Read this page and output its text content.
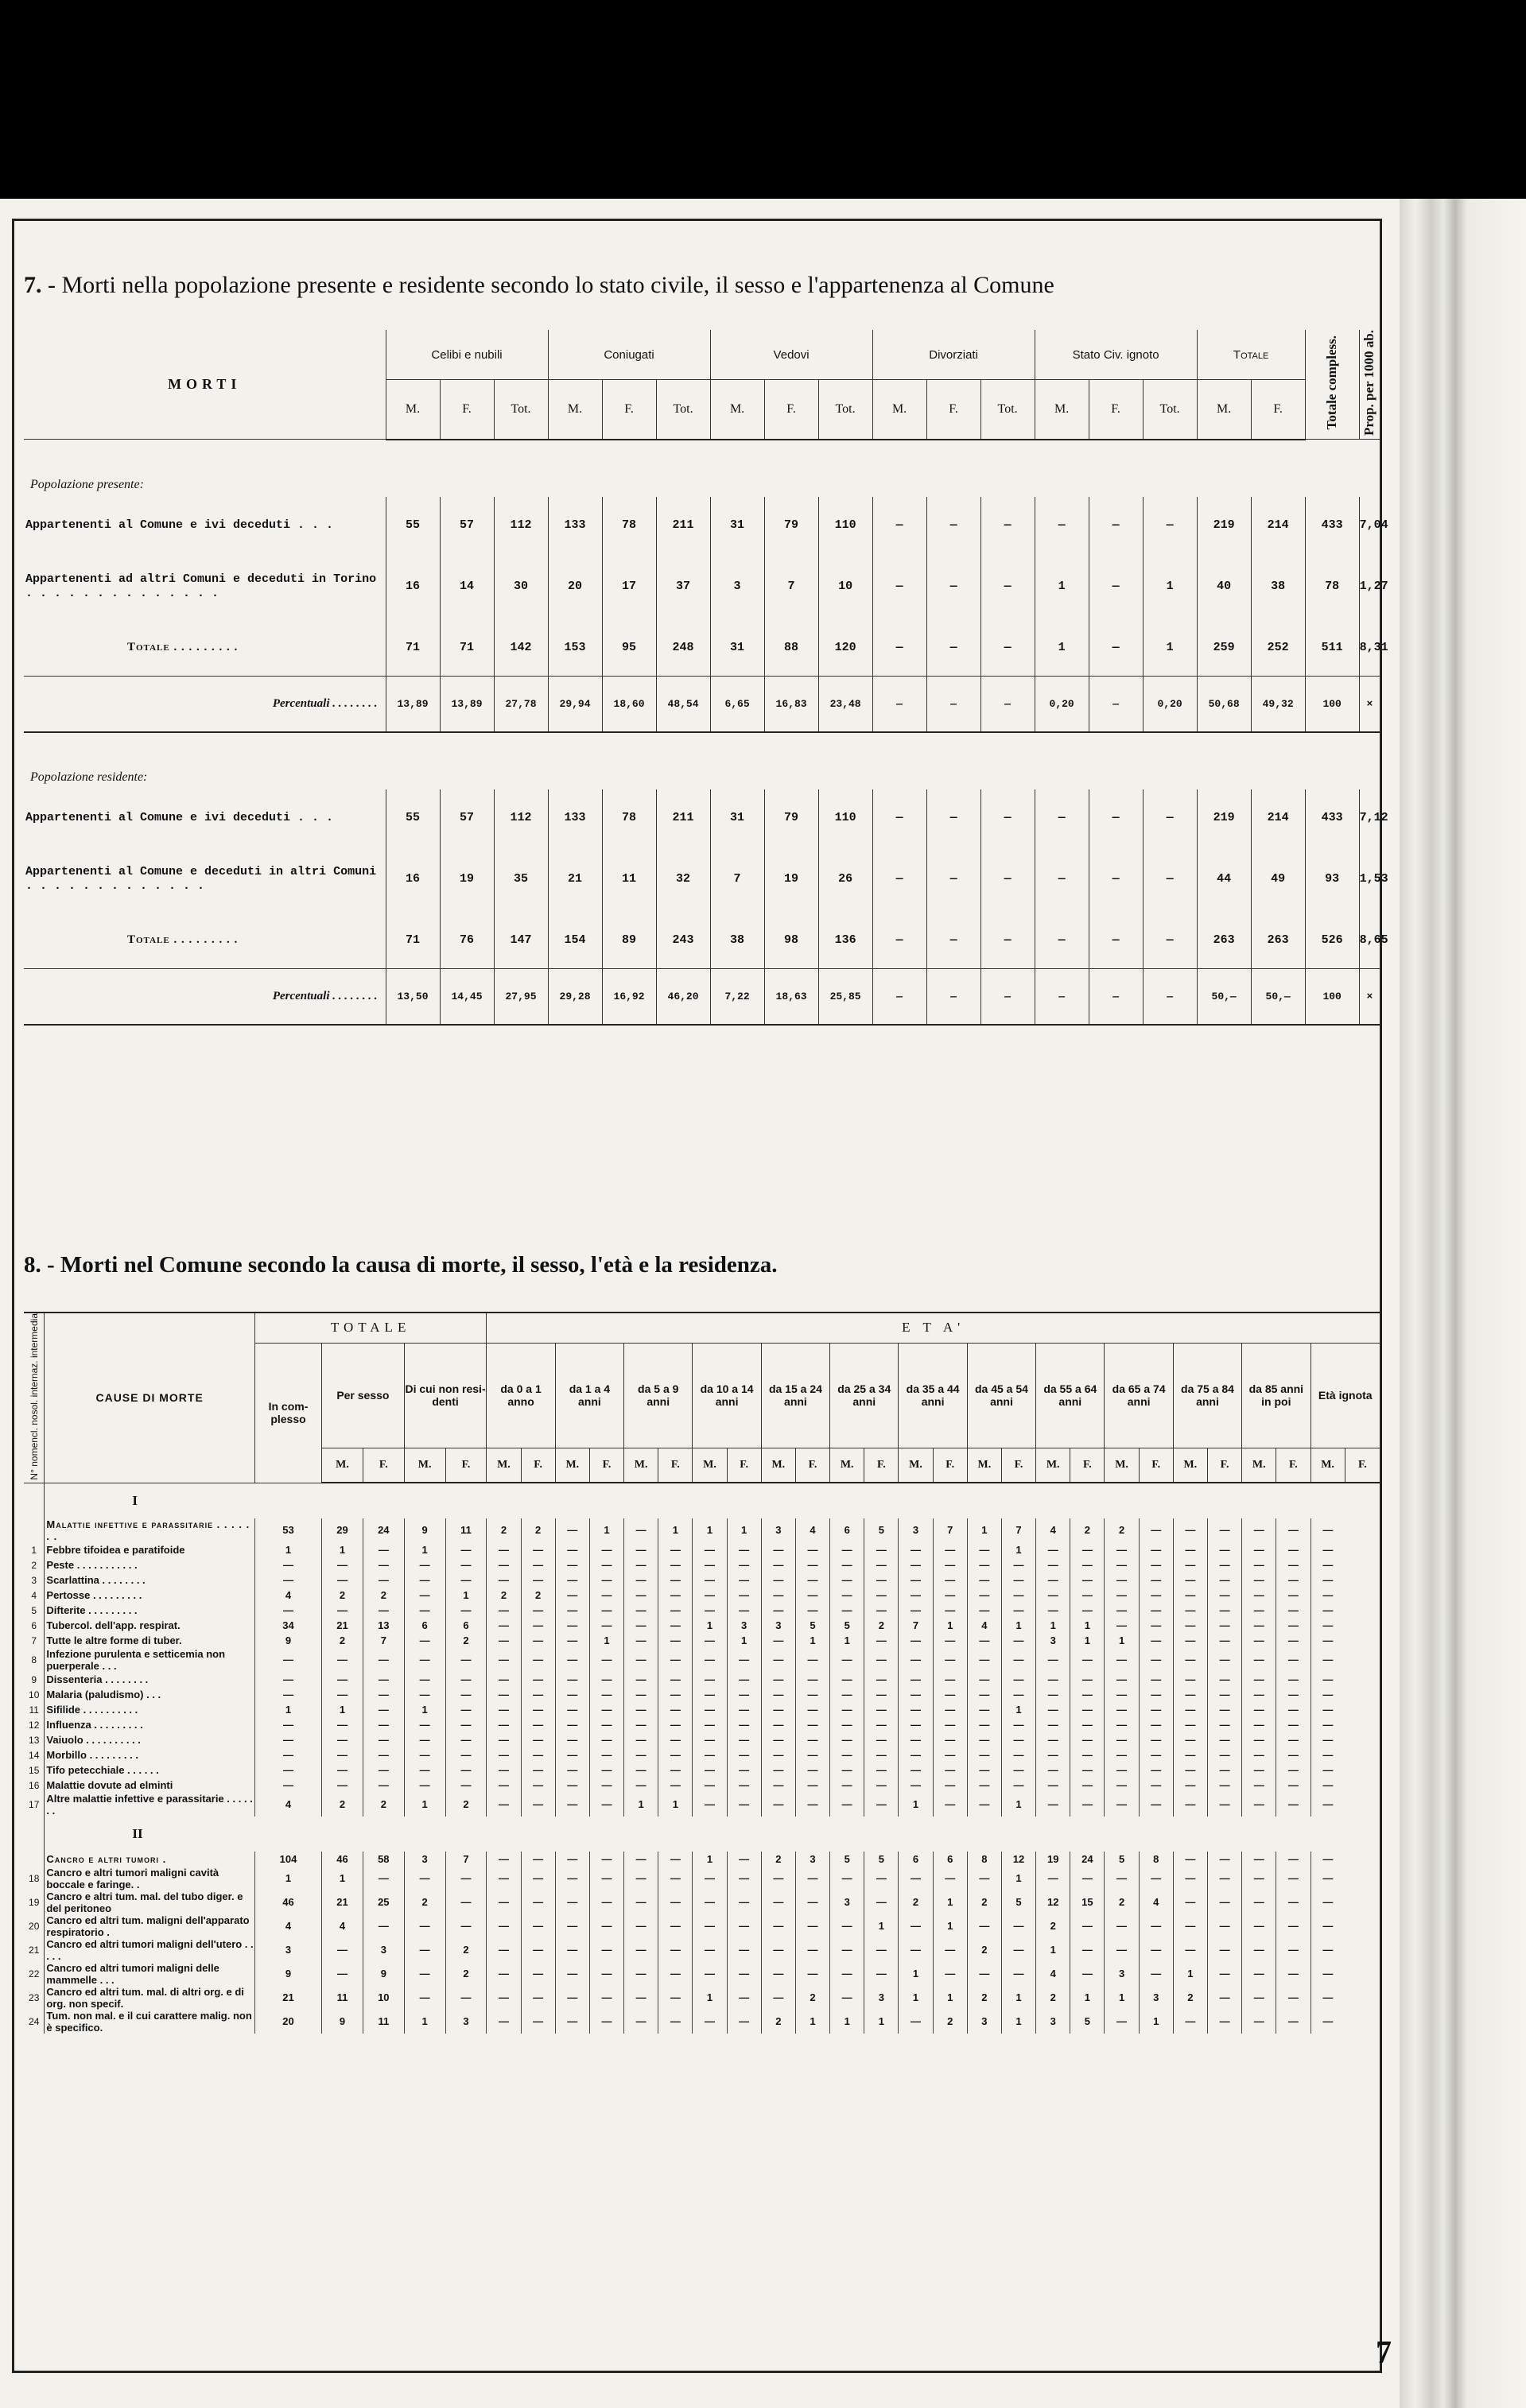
7. - Morti nella popolazione presente e residente secondo lo stato civile, il sesso e l'appartenenza al Comune
MORTI	Celibi e nubili			Coniugati			Vedovi			Divorziati			Stato Civ. ignoto			Totale		Totale compless.	Prop. per 1000 ab.
	M.	F.	Tot.	M.	F.	Tot.	M.	F.	Tot.	M.	F.	Tot.	M.	F.	Tot.	M.	F.		
Popolazione presente:																			
Appartenenti al Comune e ivi deceduti . . .	55	57	112	133	78	211	31	79	110	—	—	—	—	—	—	219	214	433	7,04
Appartenenti ad altri Comuni e deceduti in Torino . . . . . . . . . . . . . .	16	14	30	20	17	37	3	7	10	—	—	—	1	—	1	40	38	78	1,27
Totale . . . . . . . . .	71	71	142	153	95	248	31	88	120	—	—	—	1	—	1	259	252	511	8,31
Percentuali . . . . . . . .	13,89	13,89	27,78	29,94	18,60	48,54	6,65	16,83	23,48	—	—	—	0,20	—	0,20	50,68	49,32	100	×
Popolazione residente:																			
Appartenenti al Comune e ivi deceduti . . .	55	57	112	133	78	211	31	79	110	—	—	—	—	—	—	219	214	433	7,12
Appartenenti al Comune e deceduti in altri Comuni . . . . . . . . . . . . .	16	19	35	21	11	32	7	19	26	—	—	—	—	—	—	44	49	93	1,53
Totale . . . . . . . . .	71	76	147	154	89	243	38	98	136	—	—	—	—	—	—	263	263	526	8,65
Percentuali . . . . . . . .	13,50	14,45	27,95	29,28	16,92	46,20	7,22	18,63	25,85	—	—	—	—	—	—	50,—	50,—	100	×
8. - Morti nel Comune secondo la causa di morte, il sesso, l'età e la residenza.
N° nomencl. nosol. internaz. intermedia	CAUSE DI MORTE	TOTALE					E T A'																									
		In com- plesso	Per sesso		Di cui non resi- denti		da 0 a 1 anno		da 1 a 4 anni		da 5 a 9 anni		da 10 a 14 anni		da 15 a 24 anni		da 25 a 34 anni		da 35 a 44 anni		da 45 a 54 anni		da 55 a 64 anni		da 65 a 74 anni		da 75 a 84 anni		da 85 anni in poi		Età ignota	
			M.	F.	M.	F.	M.	F.	M.	F.	M.	F.	M.	F.	M.	F.	M.	F.	M.	F.	M.	F.	M.	F.	M.	F.	M.	F.	M.	F.	M.	F.
	I																															
	Malattie infettive e parassitarie . . . . . . .	53	29	24	9	11	2	2	—	1	—	1	1	1	3	4	6	5	3	7	1	7	4	2	2	—	—	—	—	—	—	
1	Febbre tifoidea e paratifoide	1	1	—	1	—	—	—	—	—	—	—	—	—	—	—	—	—	—	—	—	1	—	—	—	—	—	—	—	—	—	
2	Peste . . . . . . . . . . .	—	—	—	—	—	—	—	—	—	—	—	—	—	—	—	—	—	—	—	—	—	—	—	—	—	—	—	—	—	—	
3	Scarlattina . . . . . . . .	—	—	—	—	—	—	—	—	—	—	—	—	—	—	—	—	—	—	—	—	—	—	—	—	—	—	—	—	—	—	
4	Pertosse . . . . . . . . .	4	2	2	—	1	2	2	—	—	—	—	—	—	—	—	—	—	—	—	—	—	—	—	—	—	—	—	—	—	—	
5	Difterite . . . . . . . . .	—	—	—	—	—	—	—	—	—	—	—	—	—	—	—	—	—	—	—	—	—	—	—	—	—	—	—	—	—	—	
6	Tubercol. dell'app. respirat.	34	21	13	6	6	—	—	—	—	—	—	1	3	3	5	5	2	7	1	4	1	1	1	—	—	—	—	—	—	—	
7	Tutte le altre forme di tuber.	9	2	7	—	2	—	—	—	1	—	—	—	1	—	1	1	—	—	—	—	—	3	1	1	—	—	—	—	—	—	
8	Infezione purulenta e setticemia non puerperale . . .	—	—	—	—	—	—	—	—	—	—	—	—	—	—	—	—	—	—	—	—	—	—	—	—	—	—	—	—	—	—	
9	Dissenteria . . . . . . . .	—	—	—	—	—	—	—	—	—	—	—	—	—	—	—	—	—	—	—	—	—	—	—	—	—	—	—	—	—	—	
10	Malaria (paludismo) . . .	—	—	—	—	—	—	—	—	—	—	—	—	—	—	—	—	—	—	—	—	—	—	—	—	—	—	—	—	—	—	
11	Sifilide . . . . . . . . . .	1	1	—	1	—	—	—	—	—	—	—	—	—	—	—	—	—	—	—	—	1	—	—	—	—	—	—	—	—	—	
12	Influenza . . . . . . . . .	—	—	—	—	—	—	—	—	—	—	—	—	—	—	—	—	—	—	—	—	—	—	—	—	—	—	—	—	—	—	
13	Vaiuolo . . . . . . . . . .	—	—	—	—	—	—	—	—	—	—	—	—	—	—	—	—	—	—	—	—	—	—	—	—	—	—	—	—	—	—	
14	Morbillo . . . . . . . . .	—	—	—	—	—	—	—	—	—	—	—	—	—	—	—	—	—	—	—	—	—	—	—	—	—	—	—	—	—	—	
15	Tifo petecchiale . . . . . .	—	—	—	—	—	—	—	—	—	—	—	—	—	—	—	—	—	—	—	—	—	—	—	—	—	—	—	—	—	—	
16	Malattie dovute ad elminti	—	—	—	—	—	—	—	—	—	—	—	—	—	—	—	—	—	—	—	—	—	—	—	—	—	—	—	—	—	—	
17	Altre malattie infettive e parassitarie . . . . . . .	4	2	2	1	2	—	—	—	—	1	1	—	—	—	—	—	—	1	—	—	1	—	—	—	—	—	—	—	—	—	
	II																															
	Cancro e altri tumori .	104	46	58	3	7	—	—	—	—	—	—	1	—	2	3	5	5	6	6	8	12	19	24	5	8	—	—	—	—	—	
18	Cancro e altri tumori maligni cavità boccale e faringe. .	1	1	—	—	—	—	—	—	—	—	—	—	—	—	—	—	—	—	—	—	1	—	—	—	—	—	—	—	—	—	
19	Cancro e altri tum. mal. del tubo diger. e del peritoneo	46	21	25	2	—	—	—	—	—	—	—	—	—	—	—	3	—	2	1	2	5	12	15	2	4	—	—	—	—	—	
20	Cancro ed altri tum. maligni dell'apparato respiratorio .	4	4	—	—	—	—	—	—	—	—	—	—	—	—	—	—	1	—	1	—	—	2	—	—	—	—	—	—	—	—	
21	Cancro ed altri tumori maligni dell'utero . . . . .	3	—	3	—	2	—	—	—	—	—	—	—	—	—	—	—	—	—	—	2	—	1	—	—	—	—	—	—	—	—	
22	Cancro ed altri tumori maligni delle mammelle . . .	9	—	9	—	2	—	—	—	—	—	—	—	—	—	—	—	—	1	—	—	—	4	—	3	—	1	—	—	—	—	
23	Cancro ed altri tum. mal. di altri org. e di org. non specif.	21	11	10	—	—	—	—	—	—	—	—	1	—	—	2	—	3	1	1	2	1	2	1	1	3	2	—	—	—	—	
24	Tum. non mal. e il cui carattere malig. non è specifico.	20	9	11	1	3	—	—	—	—	—	—	—	—	2	1	1	1	—	2	3	1	3	5	—	1	—	—	—	—	—	
7
